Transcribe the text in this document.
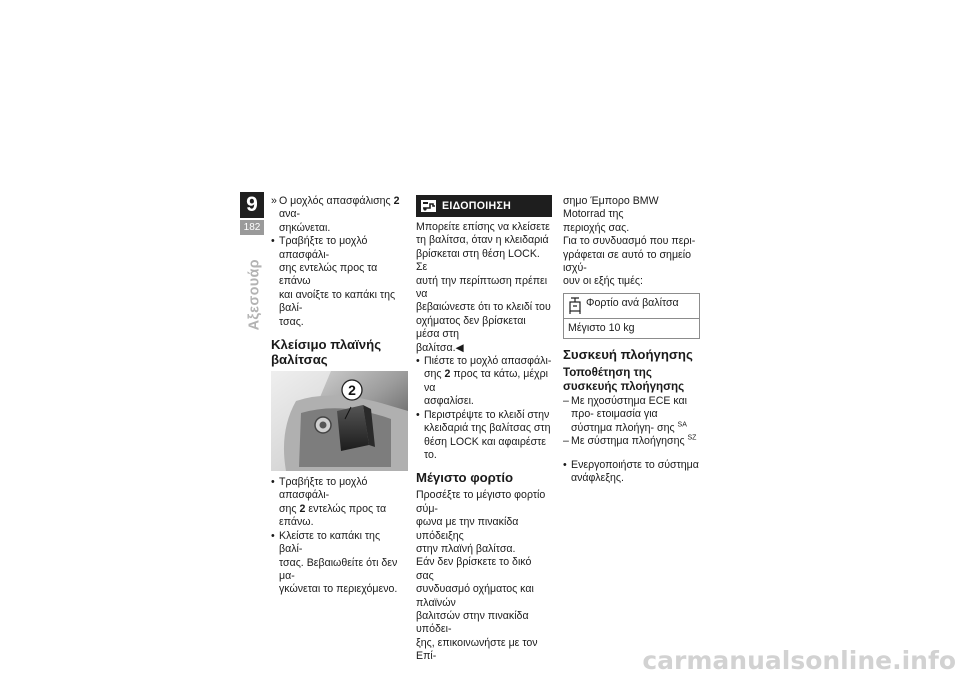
9
182
Αξεσουάρ
» Ο μοχλός απασφάλισης 2 ανα-
σηκώνεται.
• Τραβήξτε το μοχλό απασφάλι-
σης εντελώς προς τα επάνω
και ανοίξτε το καπάκι της βαλί-
τσας.
Κλείσιμο πλαϊνής
βαλίτσας
2
• Τραβήξτε το μοχλό απασφάλι-
σης 2 εντελώς προς τα επάνω.
• Κλείστε το καπάκι της βαλί-
τσας. Βεβαιωθείτε ότι δεν μα-
γκώνεται το περιεχόμενο.
ΕΙΔΟΠΟΙΗΣΗ

Μπορείτε επίσης να κλείσετε

τη βαλίτσα, όταν η κλειδαριά

βρίσκεται στη θέση LOCK. Σε

αυτή την περίπτωση πρέπει να

βεβαιώνεστε ότι το κλειδί του

οχήματος δεν βρίσκεται μέσα στη

βαλίτσα.◀

• Πιέστε το μοχλό απασφάλι-
σης 2 προς τα κάτω, μέχρι να
ασφαλίσει.
• Περιστρέψτε το κλειδί στην
κλειδαριά της βαλίτσας στη
θέση LOCK και αφαιρέστε το.
Μέγιστο φορτίο

Προσέξτε το μέγιστο φορτίο σύμ-

φωνα με την πινακίδα υπόδειξης

στην πλαϊνή βαλίτσα.

Εάν δεν βρίσκετε το δικό σας

συνδυασμό οχήματος και πλαϊνών

βαλιτσών στην πινακίδα υπόδει-

ξης, επικοινωνήστε με τον Επί-

σημο Έμπορο BMW Motorrad της

περιοχής σας.

Για το συνδυασμό που περι-

γράφεται σε αυτό το σημείο ισχύ-

ουν οι εξής τιμές:

Φορτίο ανά βαλίτσα

Μέγιστο 10 kg
Συσκευή πλοήγησης
Τοποθέτηση της
συσκευής πλοήγησης
– Με ηχοσύστημα ECE και προ- ετοιμασία για σύστημα πλοήγη- σης $^{SA}$
– Με σύστημα πλοήγησης $^{SZ}$
• Ενεργοποιήστε το σύστημα
ανάφλεξης.
carmanualsonline.info
